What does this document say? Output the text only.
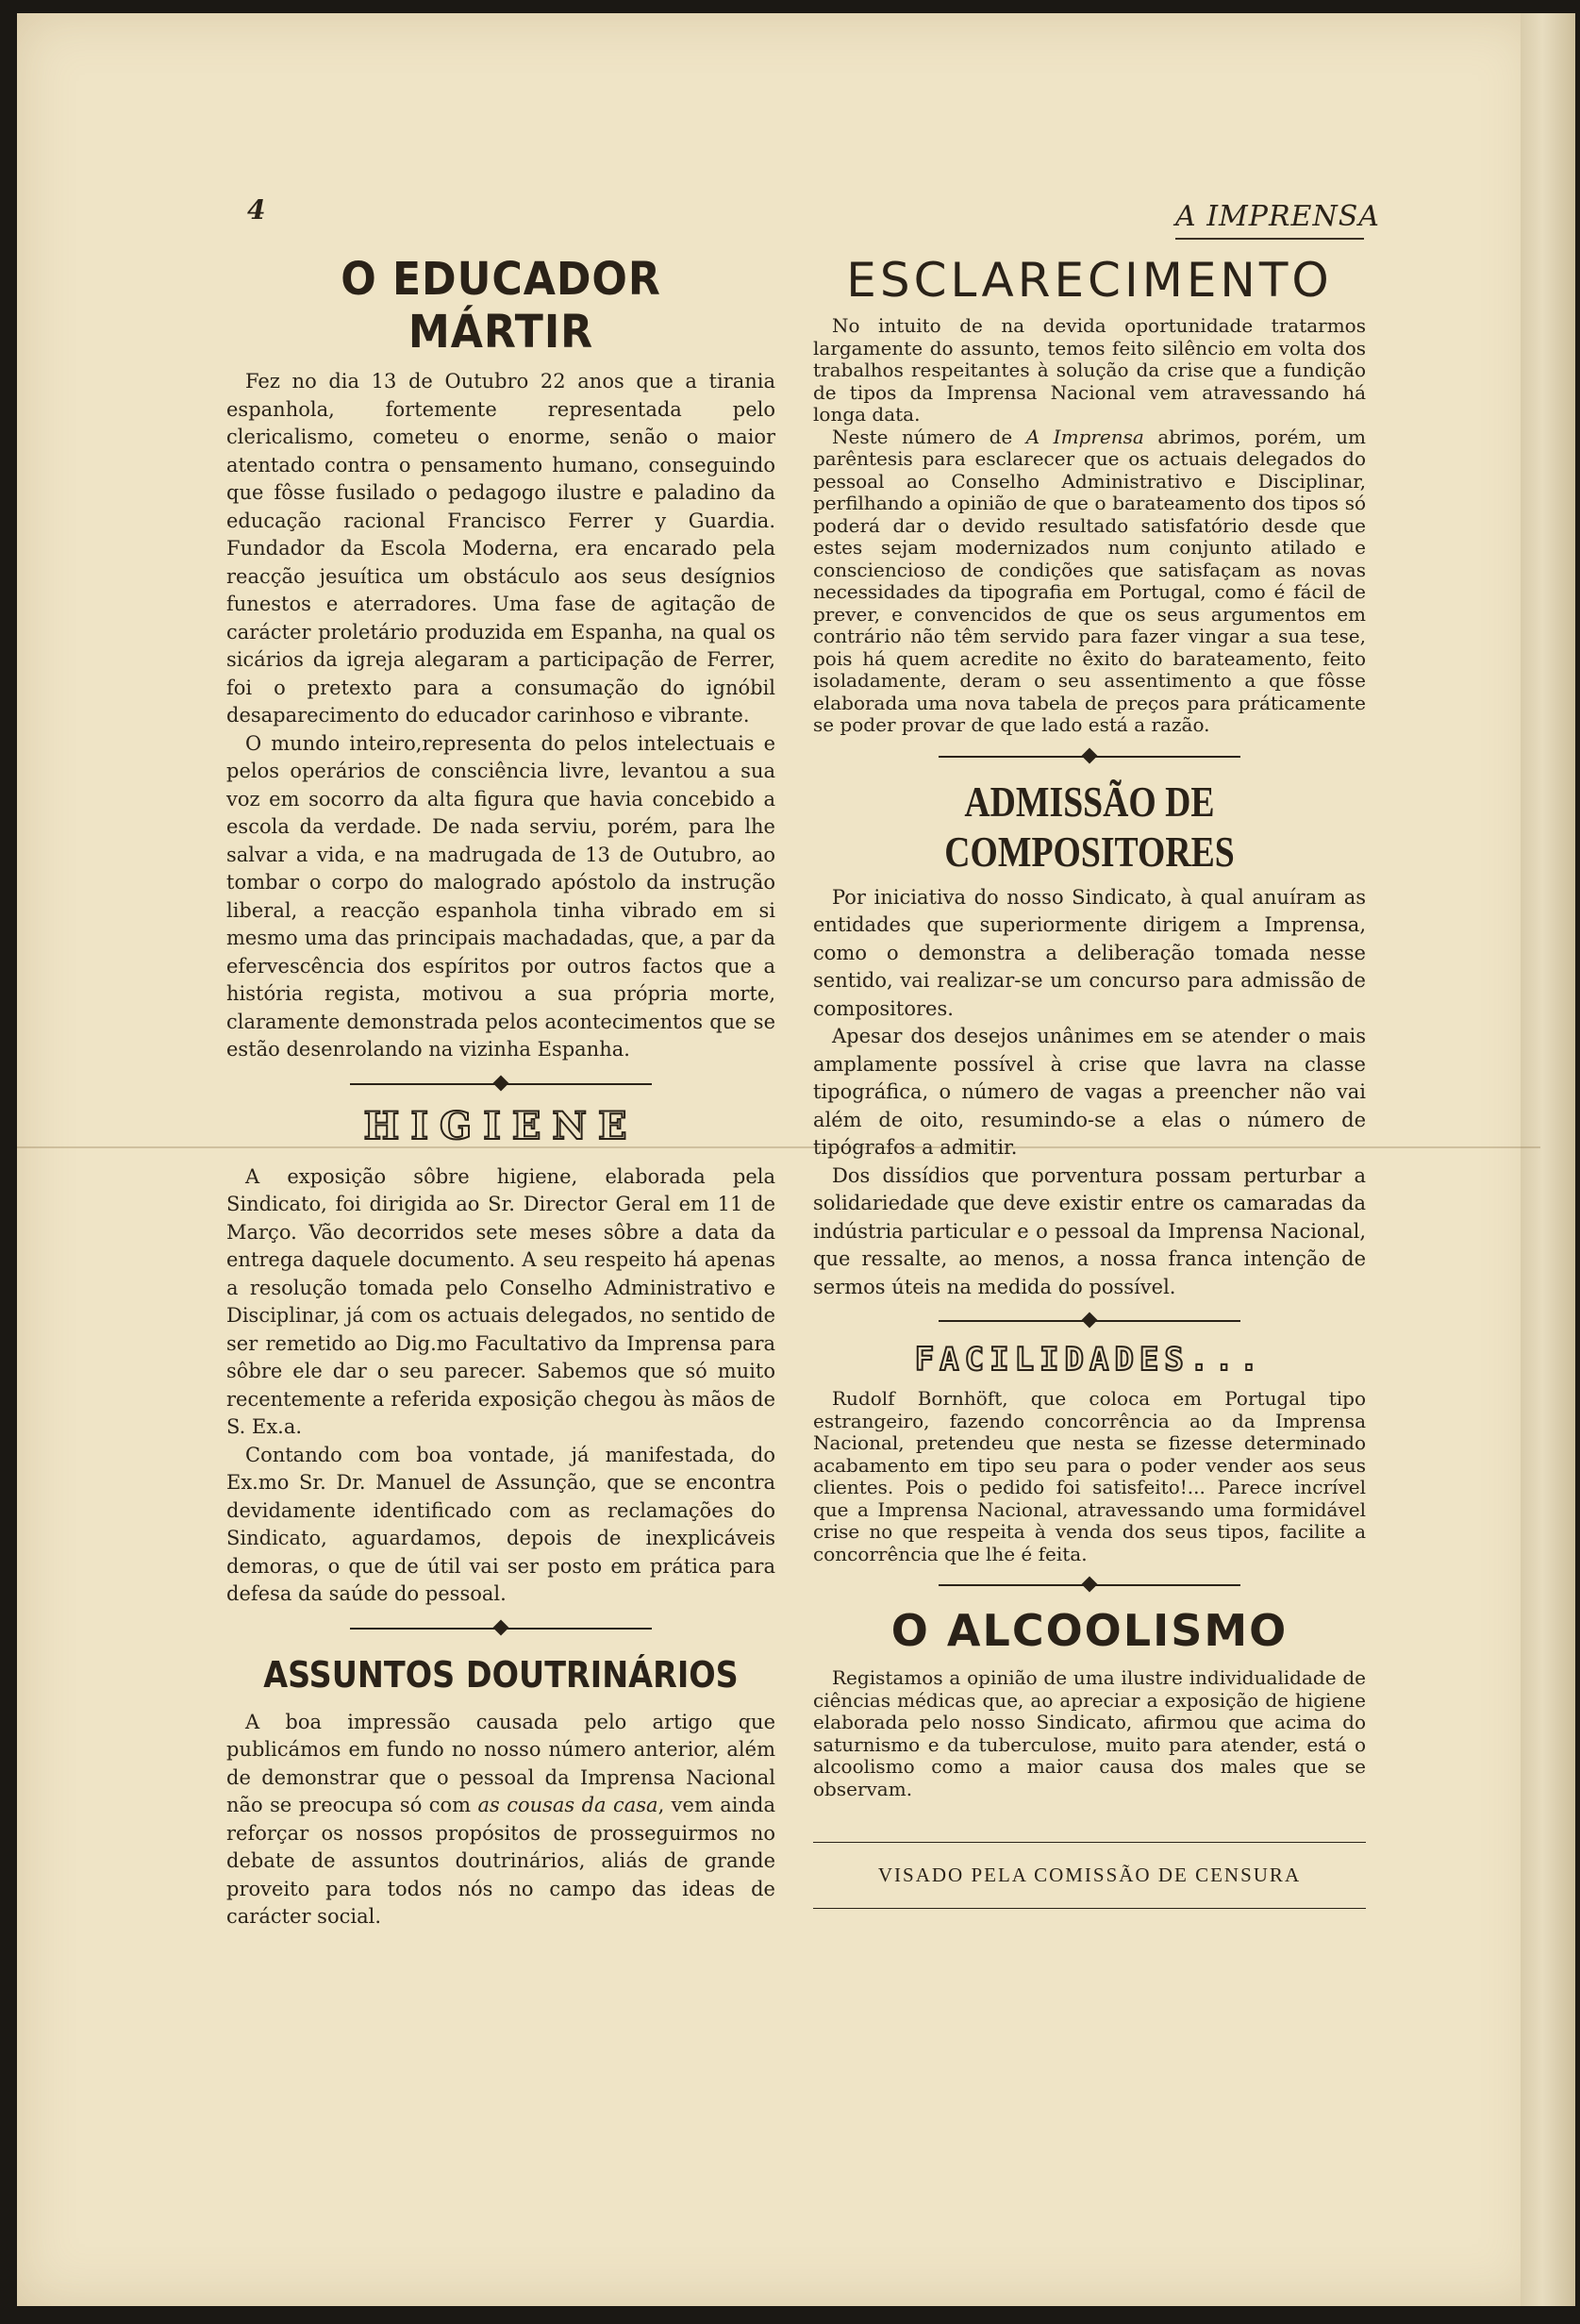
4	A IMPRENSA
O EDUCADOR MÁRTIR

Fez no dia 13 de Outubro 22 anos que a tirania espanhola, fortemente representada pelo clericalismo, cometeu o enorme, senão o maior atentado contra o pensamento humano, conseguindo que fôsse fusilado o pedagogo ilustre e paladino da educação racional Francisco Ferrer y Guardia. Fundador da Escola Moderna, era encarado pela reacção jesuítica um obstáculo aos seus desígnios funestos e aterradores. Uma fase de agitação de carácter proletário produzida em Espanha, na qual os sicários da igreja alegaram a participação de Ferrer, foi o pretexto para a consumação do ignóbil desaparecimento do educador carinhoso e vibrante.

O mundo inteiro,representa do pelos intelectuais e pelos operários de consciência livre, levantou a sua voz em socorro da alta figura que havia concebido a escola da verdade. De nada serviu, porém, para lhe salvar a vida, e na madrugada de 13 de Outubro, ao tombar o corpo do malogrado apóstolo da instrução liberal, a reacção espanhola tinha vibrado em si mesmo uma das principais machadadas, que, a par da efervescência dos espíritos por outros factos que a história regista, motivou a sua própria morte, claramente demonstrada pelos acontecimentos que se estão desenrolando na vizinha Espanha.

HIGIENE

A exposição sôbre higiene, elaborada pela Sindicato, foi dirigida ao Sr. Director Geral em 11 de Março. Vão decorridos sete meses sôbre a data da entrega daquele documento. A seu respeito há apenas a resolução tomada pelo Conselho Administrativo e Disciplinar, já com os actuais delegados, no sentido de ser remetido ao Dig.mo Facultativo da Imprensa para sôbre ele dar o seu parecer. Sabemos que só muito recentemente a referida exposição chegou às mãos de S. Ex.a.

Contando com boa vontade, já manifestada, do Ex.mo Sr. Dr. Manuel de Assunção, que se encontra devidamente identificado com as reclamações do Sindicato, aguardamos, depois de inexplicáveis demoras, o que de útil vai ser posto em prática para defesa da saúde do pessoal.

ASSUNTOS DOUTRINÁRIOS

A boa impressão causada pelo artigo que publicámos em fundo no nosso número anterior, além de demonstrar que o pessoal da Imprensa Nacional não se preocupa só com as cousas da casa, vem ainda reforçar os nossos propósitos de prosseguirmos no debate de assuntos doutrinários, aliás de grande proveito para todos nós no campo das ideas de carácter social.

ESCLARECIMENTO

No intuito de na devida oportunidade tratarmos largamente do assunto, temos feito silêncio em volta dos trabalhos respeitantes à solução da crise que a fundição de tipos da Imprensa Nacional vem atravessando há longa data.

Neste número de A Imprensa abrimos, porém, um parêntesis para esclarecer que os actuais delegados do pessoal ao Conselho Administrativo e Disciplinar, perfilhando a opinião de que o barateamento dos tipos só poderá dar o devido resultado satisfatório desde que estes sejam modernizados num conjunto atilado e consciencioso de condições que satisfaçam as novas necessidades da tipografia em Portugal, como é fácil de prever, e convencidos de que os seus argumentos em contrário não têm servido para fazer vingar a sua tese, pois há quem acredite no êxito do barateamento, feito isoladamente, deram o seu assentimento a que fôsse elaborada uma nova tabela de preços para práticamente se poder provar de que lado está a razão.

ADMISSÃO DE COMPOSITORES

Por iniciativa do nosso Sindicato, à qual anuíram as entidades que superiormente dirigem a Imprensa, como o demonstra a deliberação tomada nesse sentido, vai realizar-se um concurso para admissão de compositores.

Apesar dos desejos unânimes em se atender o mais amplamente possível à crise que lavra na classe tipográfica, o número de vagas a preencher não vai além de oito, resumindo-se a elas o número de tipógrafos a admitir.

Dos dissídios que porventura possam perturbar a solidariedade que deve existir entre os camaradas da indústria particular e o pessoal da Imprensa Nacional, que ressalte, ao menos, a nossa franca intenção de sermos úteis na medida do possível.

FACILIDADES...

Rudolf Bornhöft, que coloca em Portugal tipo estrangeiro, fazendo concorrência ao da Imprensa Nacional, pretendeu que nesta se fizesse determinado acabamento em tipo seu para o poder vender aos seus clientes. Pois o pedido foi satisfeito!... Parece incrível que a Imprensa Nacional, atravessando uma formidável crise no que respeita à venda dos seus tipos, facilite a concorrência que lhe é feita.

O ALCOOLISMO

Registamos a opinião de uma ilustre individualidade de ciências médicas que, ao apreciar a exposição de higiene elaborada pelo nosso Sindicato, afirmou que acima do saturnismo e da tuberculose, muito para atender, está o alcoolismo como a maior causa dos males que se observam.

VISADO PELA COMISSÃO DE CENSURA
